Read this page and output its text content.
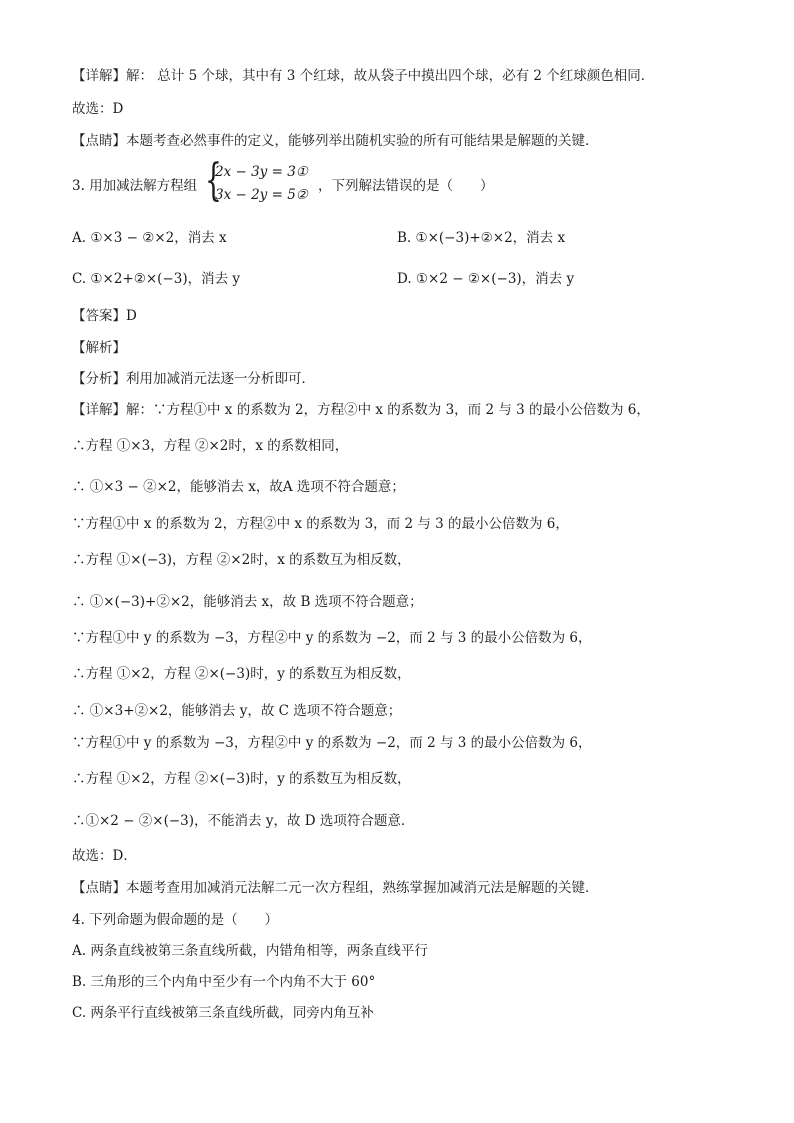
【详解】解： 总计 5 个球，其中有 3 个红球，故从袋子中摸出四个球，必有 2 个红球颜色相同．
故选：D
【点睛】本题考查必然事件的定义，能够列举出随机实验的所有可能结果是解题的关键．
3. 用加减法解方程组 {
2x − 3y = 3①
3x − 2y = 5②
，下列解法错误的是（　　）
A. ①×3 − ②×2，消去 x	B. ①×(−3)+②×2，消去 x
C. ①×2+②×(−3)，消去 y	D. ①×2 − ②×(−3)，消去 y
【答案】D
【解析】
【分析】利用加减消元法逐一分析即可．
【详解】解：∵方程①中 x 的系数为 2，方程②中 x 的系数为 3，而 2 与 3 的最小公倍数为 6，
∴方程 ①×3，方程 ②×2时，x 的系数相同，
∴ ①×3 − ②×2，能够消去 x，故A 选项不符合题意；
∵方程①中 x 的系数为 2，方程②中 x 的系数为 3，而 2 与 3 的最小公倍数为 6，
∴方程 ①×(−3)，方程 ②×2时，x 的系数互为相反数，
∴ ①×(−3)+②×2，能够消去 x，故 B 选项不符合题意；
∵方程①中 y 的系数为 −3，方程②中 y 的系数为 −2，而 2 与 3 的最小公倍数为 6，
∴方程 ①×2，方程 ②×(−3)时，y 的系数互为相反数，
∴ ①×3+②×2，能够消去 y，故 C 选项不符合题意；
∵方程①中 y 的系数为 −3，方程②中 y 的系数为 −2，而 2 与 3 的最小公倍数为 6，
∴方程 ①×2，方程 ②×(−3)时，y 的系数互为相反数，
∴①×2 − ②×(−3)，不能消去 y，故 D 选项符合题意．
故选：D．
【点睛】本题考查用加减消元法解二元一次方程组，熟练掌握加减消元法是解题的关键．
4. 下列命题为假命题的是（　　）
A. 两条直线被第三条直线所截，内错角相等，两条直线平行
B. 三角形的三个内角中至少有一个内角不大于 60°
C. 两条平行直线被第三条直线所截，同旁内角互补
